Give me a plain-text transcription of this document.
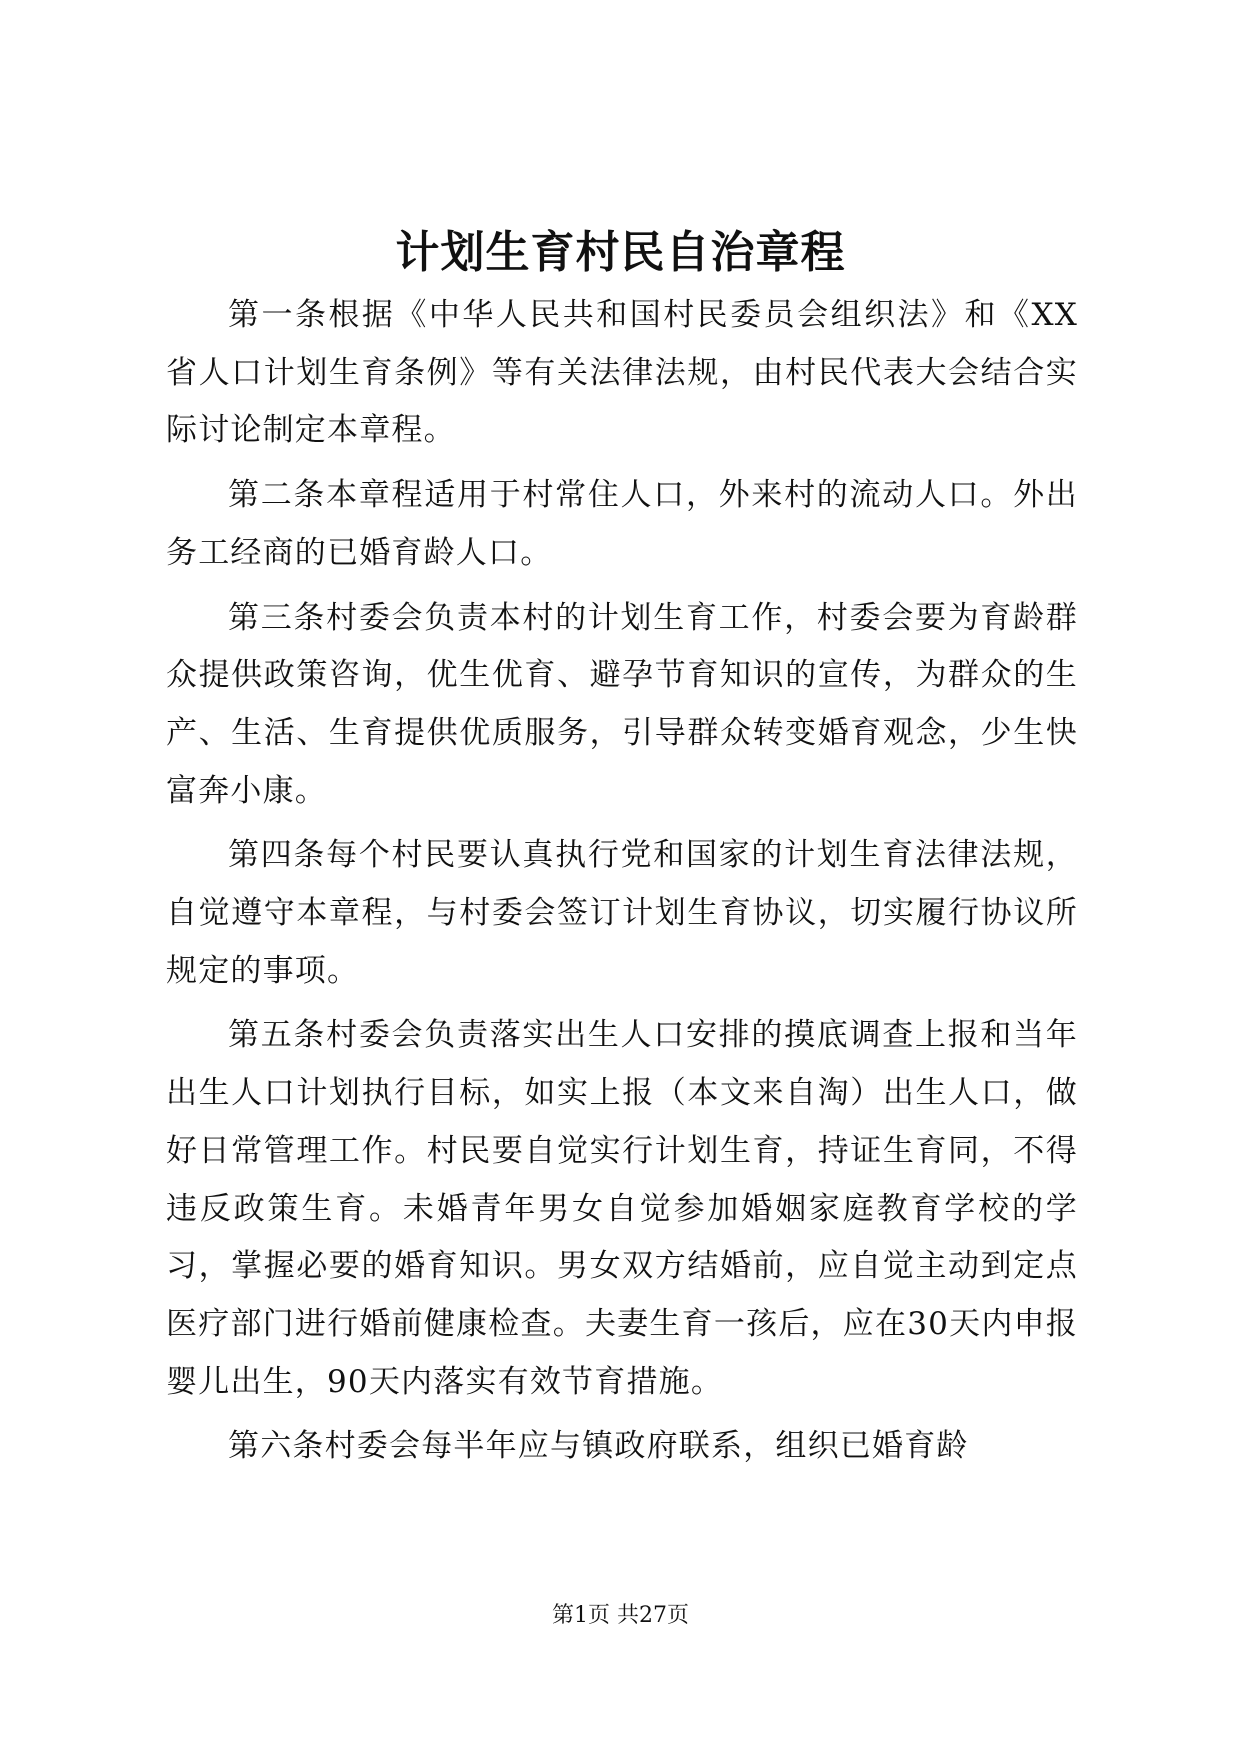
计划生育村民自治章程

第一条根据《中华人民共和国村民委员会组织法》和《XX省人口计划生育条例》等有关法律法规，由村民代表大会结合实际讨论制定本章程。

第二条本章程适用于村常住人口，外来村的流动人口。外出务工经商的已婚育龄人口。

第三条村委会负责本村的计划生育工作，村委会要为育龄群众提供政策咨询，优生优育、避孕节育知识的宣传，为群众的生产、生活、生育提供优质服务，引导群众转变婚育观念，少生快富奔小康。

第四条每个村民要认真执行党和国家的计划生育法律法规，自觉遵守本章程，与村委会签订计划生育协议，切实履行协议所规定的事项。

第五条村委会负责落实出生人口安排的摸底调查上报和当年出生人口计划执行目标，如实上报（本文来自淘）出生人口，做好日常管理工作。村民要自觉实行计划生育，持证生育同，不得违反政策生育。未婚青年男女自觉参加婚姻家庭教育学校的学习，掌握必要的婚育知识。男女双方结婚前，应自觉主动到定点医疗部门进行婚前健康检查。夫妻生育一孩后，应在30天内申报婴儿出生，90天内落实有效节育措施。

第六条村委会每半年应与镇政府联系，组织已婚育龄

第1页 共27页
